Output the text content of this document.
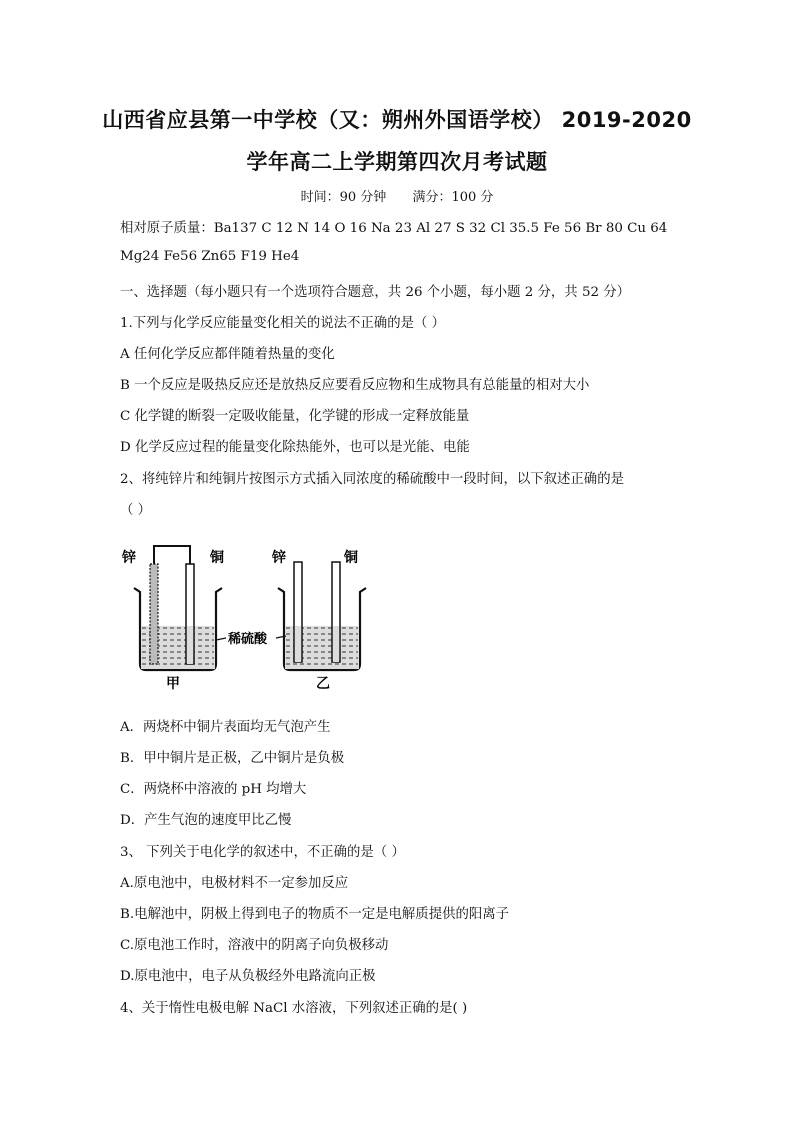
山西省应县第一中学校（又：朔州外国语学校） 2019-2020
学年高二上学期第四次月考试题
时间：90 分钟 满分：100 分
相对原子质量：Ba137 C 12 N 14 O 16 Na 23 Al 27 S 32 Cl 35.5 Fe 56 Br 80 Cu 64
Mg24 Fe56 Zn65 F19 He4
一、选择题（每小题只有一个选项符合题意，共 26 个小题，每小题 2 分，共 52 分）
1.下列与化学反应能量变化相关的说法不正确的是（ ）
A 任何化学反应都伴随着热量的变化
B 一个反应是吸热反应还是放热反应要看反应物和生成物具有总能量的相对大小
C 化学键的断裂一定吸收能量，化学键的形成一定释放能量
D 化学反应过程的能量变化除热能外，也可以是光能、电能
2、将纯锌片和纯铜片按图示方式插入同浓度的稀硫酸中一段时间，以下叙述正确的是
（ ）
锌	铜
甲
锌	铜
乙
稀硫酸
A．两烧杯中铜片表面均无气泡产生
B．甲中铜片是正极，乙中铜片是负极
C．两烧杯中溶液的 pH 均增大
D．产生气泡的速度甲比乙慢
3、 下列关于电化学的叙述中，不正确的是（ ）
A.原电池中，电极材料不一定参加反应
B.电解池中，阴极上得到电子的物质不一定是电解质提供的阳离子
C.原电池工作时，溶液中的阴离子向负极移动
D.原电池中，电子从负极经外电路流向正极
4、关于惰性电极电解 NaCl 水溶液，下列叙述正确的是( )
